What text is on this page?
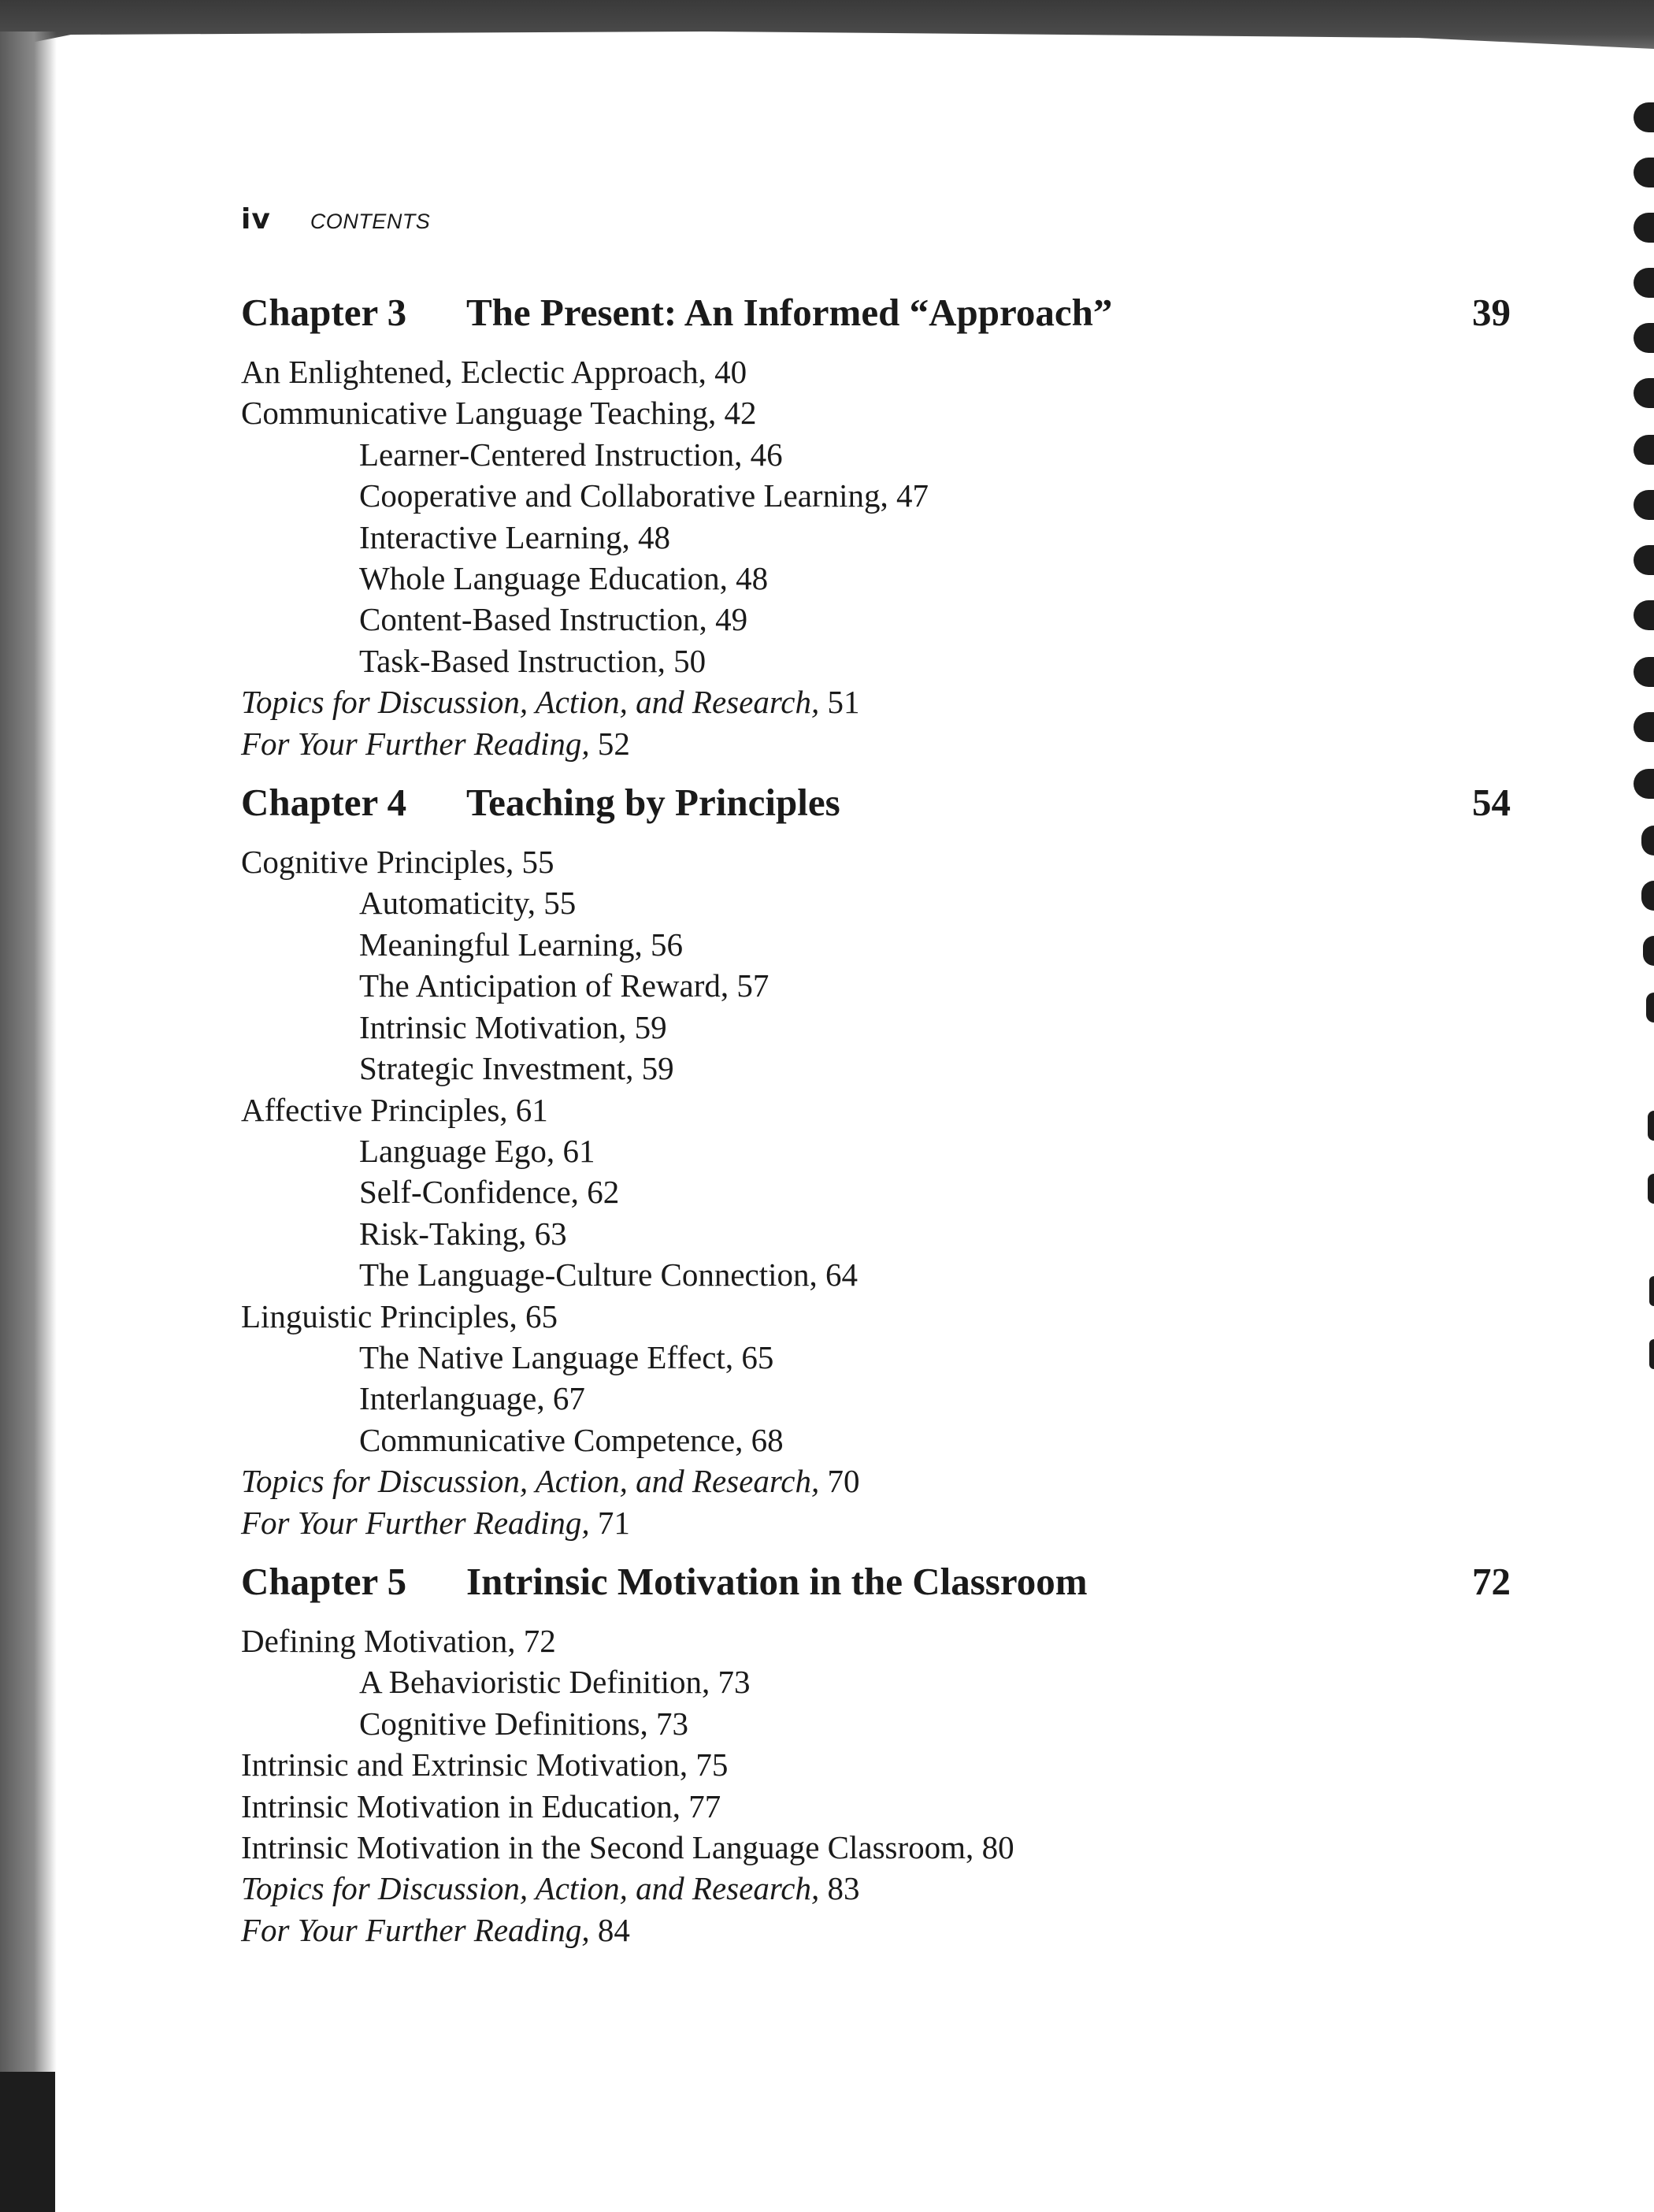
iv CONTENTS
Chapter 3	The Present: An Informed “Approach”	39
An Enlightened, Eclectic Approach, 40
Communicative Language Teaching, 42
Learner-Centered Instruction, 46
Cooperative and Collaborative Learning, 47
Interactive Learning, 48
Whole Language Education, 48
Content-Based Instruction, 49
Task-Based Instruction, 50
Topics for Discussion, Action, and Research, 51
For Your Further Reading, 52
Chapter 4	Teaching by Principles	54
Cognitive Principles, 55
Automaticity, 55
Meaningful Learning, 56
The Anticipation of Reward, 57
Intrinsic Motivation, 59
Strategic Investment, 59
Affective Principles, 61
Language Ego, 61
Self-Confidence, 62
Risk-Taking, 63
The Language-Culture Connection, 64
Linguistic Principles, 65
The Native Language Effect, 65
Interlanguage, 67
Communicative Competence, 68
Topics for Discussion, Action, and Research, 70
For Your Further Reading, 71
Chapter 5	Intrinsic Motivation in the Classroom	72
Defining Motivation, 72
A Behavioristic Definition, 73
Cognitive Definitions, 73
Intrinsic and Extrinsic Motivation, 75
Intrinsic Motivation in Education, 77
Intrinsic Motivation in the Second Language Classroom, 80
Topics for Discussion, Action, and Research, 83
For Your Further Reading, 84
